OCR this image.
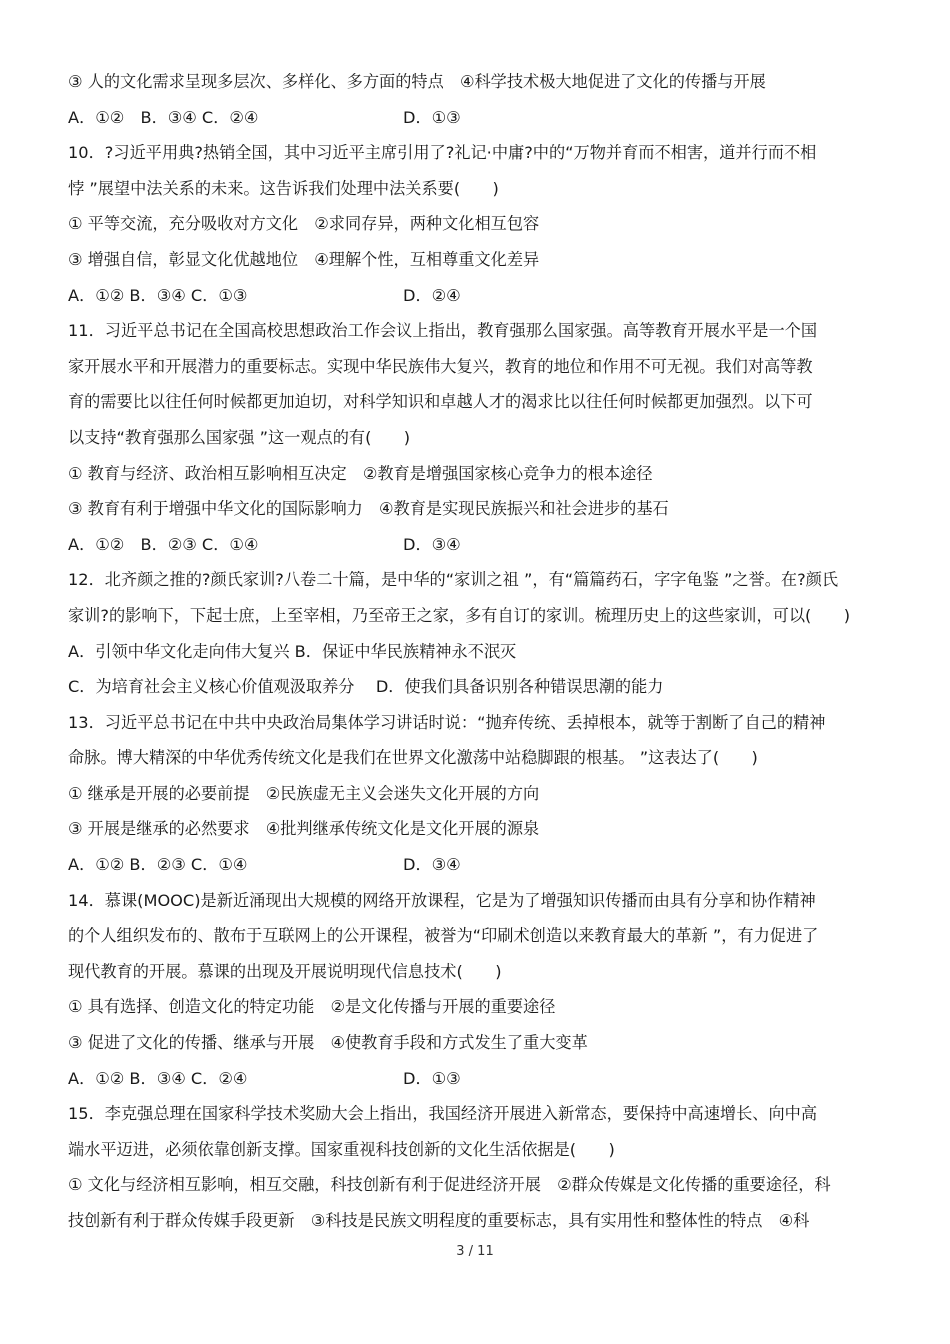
③ 人的文化需求呈现多层次、多样化、多方面的特点　④科学技术极大地促进了文化的传播与开展
A．①②　B．③④ C．②④	D．①③
10．?习近平用典?热销全国，其中习近平主席引用了?礼记·中庸?中的“万物并育而不相害，道并行而不相
悖 ”展望中法关系的未来。这告诉我们处理中法关系要(　　)
① 平等交流，充分吸收对方文化　②求同存异，两种文化相互包容
③ 增强自信，彰显文化优越地位　④理解个性，互相尊重文化差异
A．①② B．③④ C．①③	D．②④
11．习近平总书记在全国高校思想政治工作会议上指出，教育强那么国家强。高等教育开展水平是一个国
家开展水平和开展潜力的重要标志。实现中华民族伟大复兴，教育的地位和作用不可无视。我们对高等教
育的需要比以往任何时候都更加迫切，对科学知识和卓越人才的渴求比以往任何时候都更加强烈。以下可
以支持“教育强那么国家强 ”这一观点的有(　　)
① 教育与经济、政治相互影响相互决定　②教育是增强国家核心竞争力的根本途径
③ 教育有利于增强中华文化的国际影响力　④教育是实现民族振兴和社会进步的基石
A．①②　B．②③ C．①④	D．③④
12．北齐颜之推的?颜氏家训?八卷二十篇，是中华的“家训之祖 ”，有“篇篇药石，字字龟鉴 ”之誉。在?颜氏
家训?的影响下，下起士庶，上至宰相，乃至帝王之家，多有自订的家训。梳理历史上的这些家训，可以(　　)
A．引领中华文化走向伟大复兴 B．保证中华民族精神永不泯灭
C．为培育社会主义核心价值观汲取养分　 D．使我们具备识别各种错误思潮的能力
13．习近平总书记在中共中央政治局集体学习讲话时说：“抛弃传统、丢掉根本，就等于割断了自己的精神
命脉。博大精深的中华优秀传统文化是我们在世界文化激荡中站稳脚跟的根基。 ”这表达了(　　)
① 继承是开展的必要前提　②民族虚无主义会迷失文化开展的方向
③ 开展是继承的必然要求　④批判继承传统文化是文化开展的源泉
A．①② B．②③ C．①④	D．③④
14．慕课(MOOC)是新近涌现出大规模的网络开放课程，它是为了增强知识传播而由具有分享和协作精神
的个人组织发布的、散布于互联网上的公开课程，被誉为“印刷术创造以来教育最大的革新 ”，有力促进了
现代教育的开展。慕课的出现及开展说明现代信息技术(　　)
① 具有选择、创造文化的特定功能　②是文化传播与开展的重要途径
③ 促进了文化的传播、继承与开展　④使教育手段和方式发生了重大变革
A．①② B．③④ C．②④	D．①③
15．李克强总理在国家科学技术奖励大会上指出，我国经济开展进入新常态，要保持中高速增长、向中高
端水平迈进，必须依靠创新支撑。国家重视科技创新的文化生活依据是(　　)
① 文化与经济相互影响，相互交融，科技创新有利于促进经济开展　②群众传媒是文化传播的重要途径，科
技创新有利于群众传媒手段更新　③科技是民族文明程度的重要标志，具有实用性和整体性的特点　④科
3 / 11
